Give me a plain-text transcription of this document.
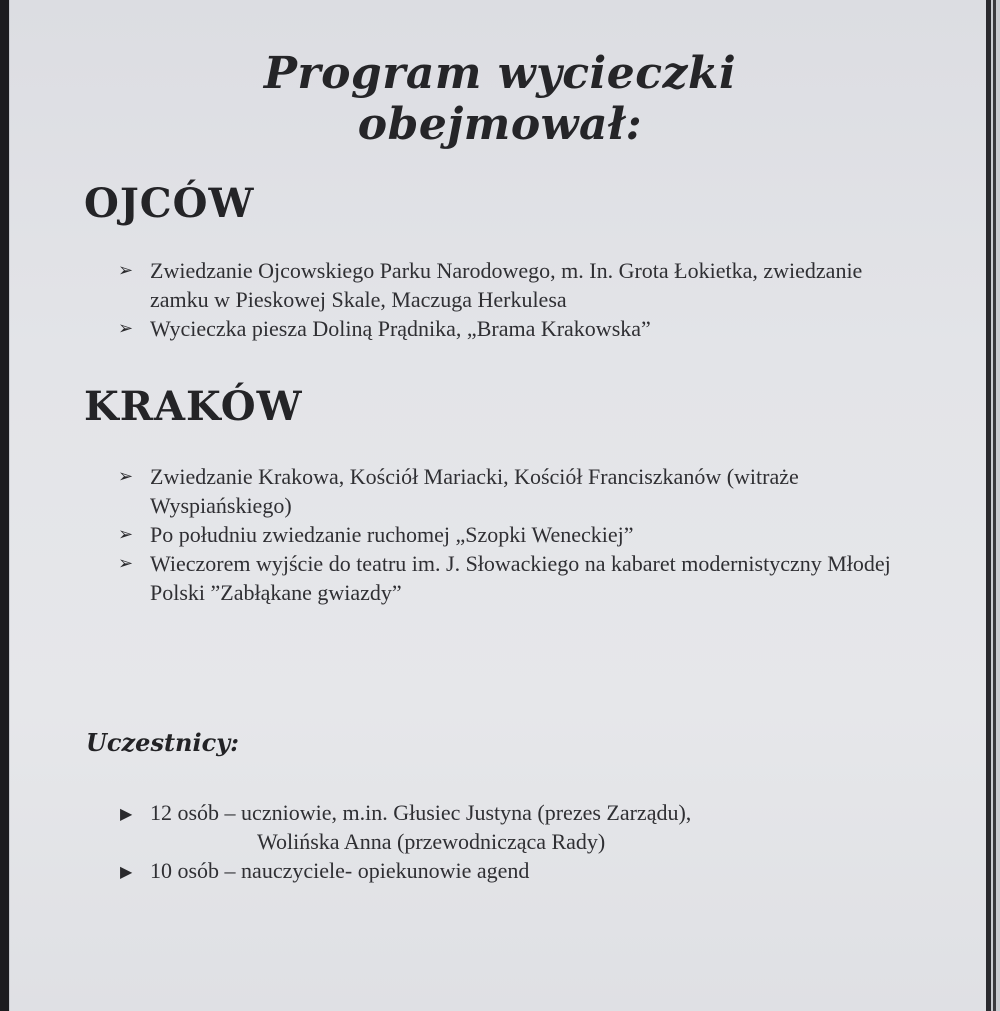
Program wycieczki obejmował:
OJCÓW
➢ Zwiedzanie Ojcowskiego Parku Narodowego, m. In. Grota Łokietka, zwiedzanie zamku w Pieskowej Skale, Maczuga Herkulesa
➢ Wycieczka piesza Doliną Prądnika, „Brama Krakowska”
KRAKÓW
➢ Zwiedzanie Krakowa, Kościół Mariacki, Kościół Franciszkanów (witraże Wyspiańskiego)
➢ Po południu zwiedzanie ruchomej „Szopki Weneckiej”
➢ Wieczorem wyjście do teatru im. J. Słowackiego na kabaret modernistyczny Młodej Polski ”Zabłąkane gwiazdy”
Uczestnicy:
▶ 12 osób – uczniowie, m.in. Głusiec Justyna (prezes Zarządu),
Wolińska Anna (przewodnicząca Rady)
▶ 10 osób – nauczyciele- opiekunowie agend
